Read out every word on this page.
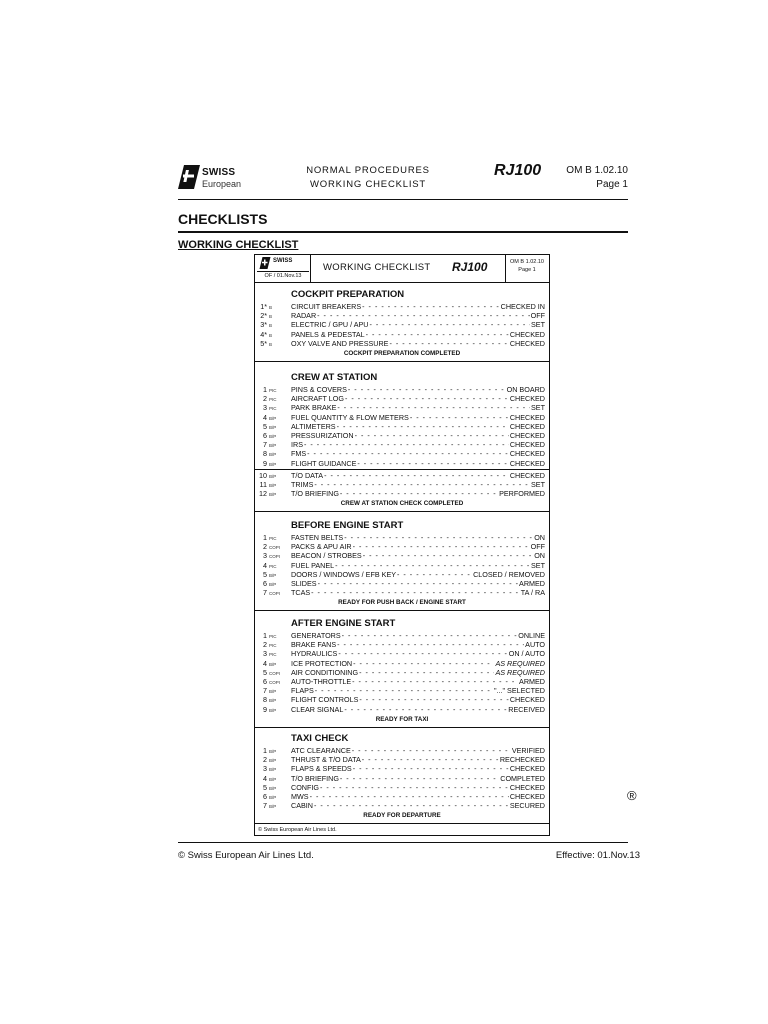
SWISS
European
NORMAL PROCEDURES
WORKING CHECKLIST
RJ100	OM B 1.02.10
Page 1
CHECKLISTS
WORKING CHECKLIST
SWISS
OF / 01.Nov.13
WORKING CHECKLIST RJ100	OM B 1.02.10
Page 1
COCKPIT PREPARATION
1* B	CIRCUIT BREAKERS - - -	CHECKED IN
2* B	RADAR - - -	OFF
3* B	ELECTRIC / GPU / APU - - -	SET
4* B	PANELS & PEDESTAL - - -	CHECKED
5* B	OXY VALVE AND PRESSURE - - -	CHECKED
COCKPIT PREPARATION COMPLETED
CREW AT STATION
1 PIC PINS & COVERS - - -	ON BOARD
2 PIC AIRCRAFT LOG - - -	CHECKED
3 PIC PARK BRAKE - - -	SET
4 B/P FUEL QUANTITY & FLOW METERS - - -	CHECKED
5 B/P ALTIMETERS - - -	CHECKED
6 B/P PRESSURIZATION - - -	CHECKED
7 B/P IRS - - -	CHECKED
8 B/P FMS - - -	CHECKED
9 B/P FLIGHT GUIDANCE - - -	CHECKED
10 B/P T/O DATA - - -	CHECKED
11 B/P TRIMS - - -	SET
12 B/P T/O BRIEFING - - -	PERFORMED
CREW AT STATION CHECK COMPLETED
BEFORE ENGINE START
1 PIC FASTEN BELTS - - -	ON
2 COPI PACKS & APU AIR - - -	OFF
3 COPI BEACON / STROBES - - -	ON
4 PIC FUEL PANEL - - -	SET
5 B/P DOORS / WINDOWS / EFB KEY - - -	CLOSED / REMOVED
6 B/P SLIDES - - -	ARMED
7 COPI TCAS - - -	TA / RA
READY FOR PUSH BACK / ENGINE START
AFTER ENGINE START
1 PIC GENERATORS - - -	ONLINE
2 PIC BRAKE FANS - - -	AUTO
3 PIC HYDRAULICS - - -	ON / AUTO
4 B/P ICE PROTECTION - - -	AS REQUIRED
5 COPI AIR CONDITIONING - - -	AS REQUIRED
6 COPI AUTO-THROTTLE - - -	ARMED
7 B/P FLAPS - - -	"..." SELECTED
8 B/P FLIGHT CONTROLS - - -	CHECKED
9 B/P CLEAR SIGNAL - - -	RECEIVED
READY FOR TAXI
TAXI CHECK
1 B/P ATC CLEARANCE - - -	VERIFIED
2 B/P THRUST & T/O DATA - - -	RECHECKED
3 B/P FLAPS & SPEEDS - - -	CHECKED
4 B/P T/O BRIEFING - - -	COMPLETED
5 B/P CONFIG - - -	CHECKED
6 B/P MWS - - -	CHECKED
7 B/P CABIN - - -	SECURED
READY FOR DEPARTURE
© Swiss European Air Lines Ltd.
®
© Swiss European Air Lines Ltd.	Effective: 01.Nov.13
